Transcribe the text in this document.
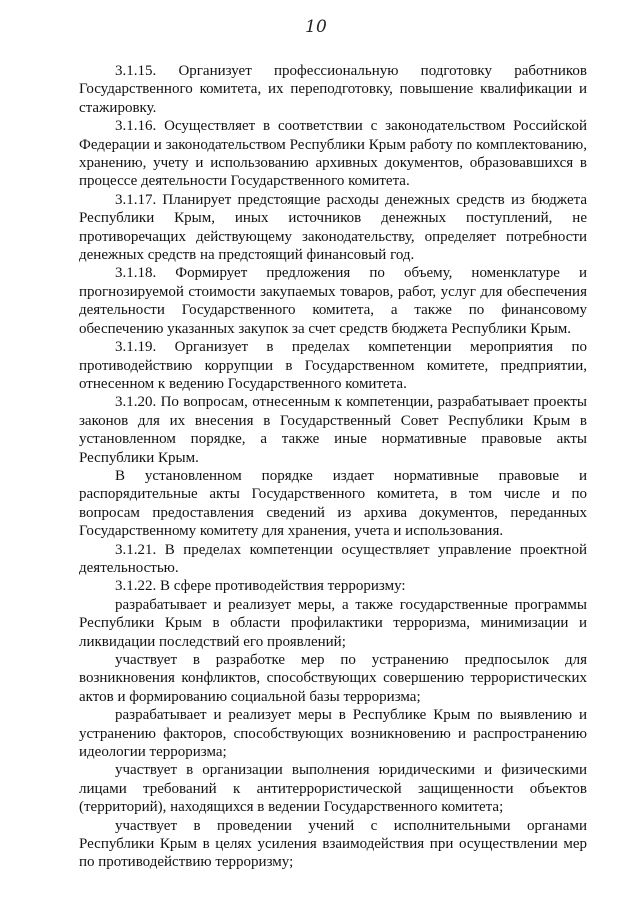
10

3.1.15. Организует профессиональную подготовку работников Государственного комитета, их переподготовку, повышение квалификации и стажировку.

3.1.16. Осуществляет в соответствии с законодательством Российской Федерации и законодательством Республики Крым работу по комплектованию, хранению, учету и использованию архивных документов, образовавшихся в процессе деятельности Государственного комитета.

3.1.17. Планирует предстоящие расходы денежных средств из бюджета Республики Крым, иных источников денежных поступлений, не противоречащих действующему законодательству, определяет потребности денежных средств на предстоящий финансовый год.

3.1.18. Формирует предложения по объему, номенклатуре и прогнозируемой стоимости закупаемых товаров, работ, услуг для обеспечения деятельности Государственного комитета, а также по финансовому обеспечению указанных закупок за счет средств бюджета Республики Крым.

3.1.19. Организует в пределах компетенции мероприятия по противодействию коррупции в Государственном комитете, предприятии, отнесенном к ведению Государственного комитета.

3.1.20. По вопросам, отнесенным к компетенции, разрабатывает проекты законов для их внесения в Государственный Совет Республики Крым в установленном порядке, а также иные нормативные правовые акты Республики Крым.

В установленном порядке издает нормативные правовые и распорядительные акты Государственного комитета, в том числе и по вопросам предоставления сведений из архива документов, переданных Государственному комитету для хранения, учета и использования.

3.1.21. В пределах компетенции осуществляет управление проектной деятельностью.

3.1.22. В сфере противодействия терроризму:

разрабатывает и реализует меры, а также государственные программы Республики Крым в области профилактики терроризма, минимизации и ликвидации последствий его проявлений;

участвует в разработке мер по устранению предпосылок для возникновения конфликтов, способствующих совершению террористических актов и формированию социальной базы терроризма;

разрабатывает и реализует меры в Республике Крым по выявлению и устранению факторов, способствующих возникновению и распространению идеологии терроризма;

участвует в организации выполнения юридическими и физическими лицами требований к антитеррористической защищенности объектов (территорий), находящихся в ведении Государственного комитета;

участвует в проведении учений с исполнительными органами Республики Крым в целях усиления взаимодействия при осуществлении мер по противодействию терроризму;
